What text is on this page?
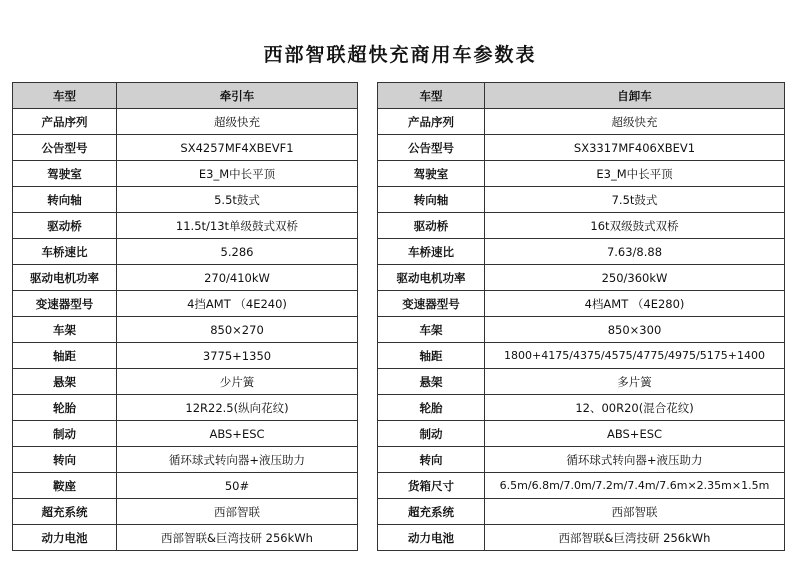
西部智联超快充商用车参数表
车型	牵引车
产品序列	超级快充
公告型号	SX4257MF4XBEVF1
驾驶室	E3_M中长平顶
转向轴	5.5t鼓式
驱动桥	11.5t/13t单级鼓式双桥
车桥速比	5.286
驱动电机功率	270/410kW
变速器型号	4挡AMT （4E240)
车架	850×270
轴距	3775+1350
悬架	少片簧
轮胎	12R22.5(纵向花纹)
制动	ABS+ESC
转向	循环球式转向器+液压助力
鞍座	50#
超充系统	西部智联
动力电池	西部智联&巨湾技研 256kWh
车型	自卸车
产品序列	超级快充
公告型号	SX3317MF406XBEV1
驾驶室	E3_M中长平顶
转向轴	7.5t鼓式
驱动桥	16t双级鼓式双桥
车桥速比	7.63/8.88
驱动电机功率	250/360kW
变速器型号	4档AMT （4E280)
车架	850×300
轴距	1800+4175/4375/4575/4775/4975/5175+1400
悬架	多片簧
轮胎	12、00R20(混合花纹)
制动	ABS+ESC
转向	循环球式转向器+液压助力
货箱尺寸	6.5m/6.8m/7.0m/7.2m/7.4m/7.6m×2.35m×1.5m
超充系统	西部智联
动力电池	西部智联&巨湾技研 256kWh
